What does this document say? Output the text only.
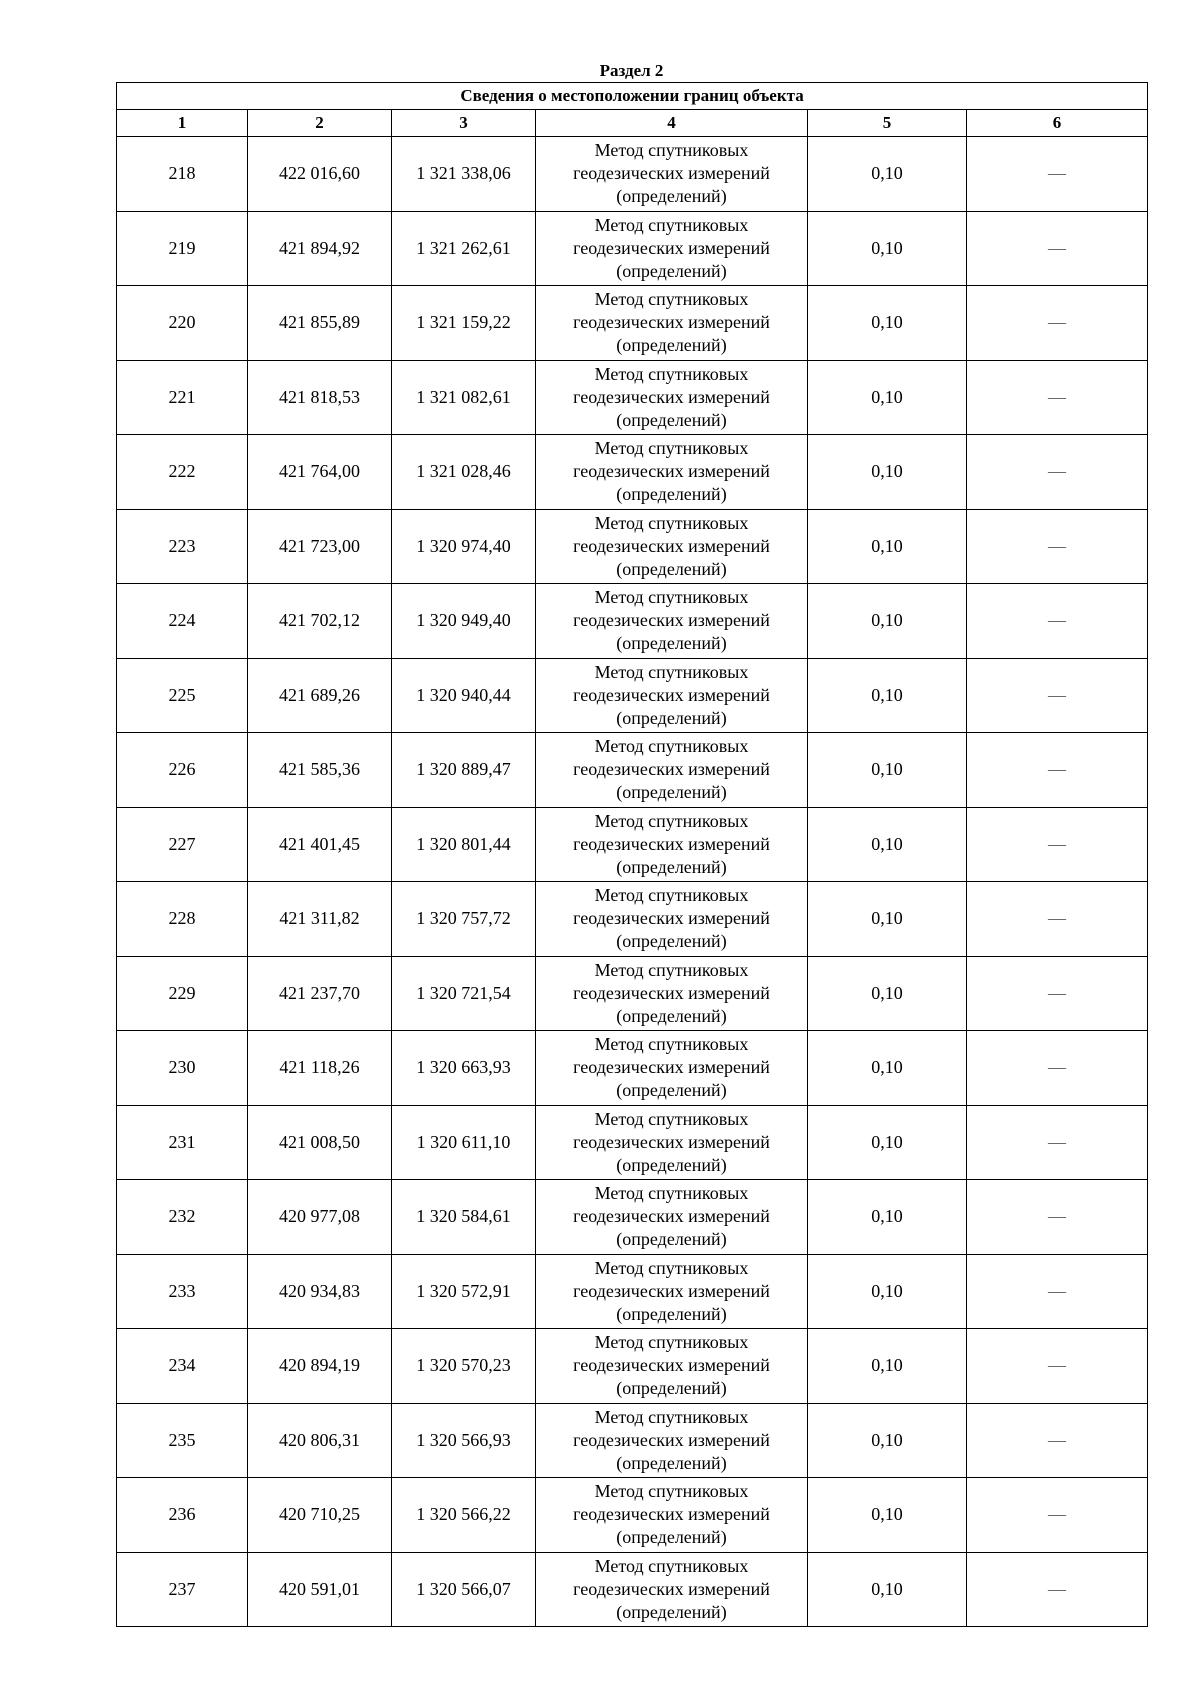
Раздел 2
Сведения о местоположении границ объекта					
1	2	3	4	5	6
218	422 016,60	1 321 338,06	Метод спутниковых
геодезических измерений
(определений)	0,10	—
219	421 894,92	1 321 262,61	Метод спутниковых
геодезических измерений
(определений)	0,10	—
220	421 855,89	1 321 159,22	Метод спутниковых
геодезических измерений
(определений)	0,10	—
221	421 818,53	1 321 082,61	Метод спутниковых
геодезических измерений
(определений)	0,10	—
222	421 764,00	1 321 028,46	Метод спутниковых
геодезических измерений
(определений)	0,10	—
223	421 723,00	1 320 974,40	Метод спутниковых
геодезических измерений
(определений)	0,10	—
224	421 702,12	1 320 949,40	Метод спутниковых
геодезических измерений
(определений)	0,10	—
225	421 689,26	1 320 940,44	Метод спутниковых
геодезических измерений
(определений)	0,10	—
226	421 585,36	1 320 889,47	Метод спутниковых
геодезических измерений
(определений)	0,10	—
227	421 401,45	1 320 801,44	Метод спутниковых
геодезических измерений
(определений)	0,10	—
228	421 311,82	1 320 757,72	Метод спутниковых
геодезических измерений
(определений)	0,10	—
229	421 237,70	1 320 721,54	Метод спутниковых
геодезических измерений
(определений)	0,10	—
230	421 118,26	1 320 663,93	Метод спутниковых
геодезических измерений
(определений)	0,10	—
231	421 008,50	1 320 611,10	Метод спутниковых
геодезических измерений
(определений)	0,10	—
232	420 977,08	1 320 584,61	Метод спутниковых
геодезических измерений
(определений)	0,10	—
233	420 934,83	1 320 572,91	Метод спутниковых
геодезических измерений
(определений)	0,10	—
234	420 894,19	1 320 570,23	Метод спутниковых
геодезических измерений
(определений)	0,10	—
235	420 806,31	1 320 566,93	Метод спутниковых
геодезических измерений
(определений)	0,10	—
236	420 710,25	1 320 566,22	Метод спутниковых
геодезических измерений
(определений)	0,10	—
237	420 591,01	1 320 566,07	Метод спутниковых
геодезических измерений
(определений)	0,10	—
